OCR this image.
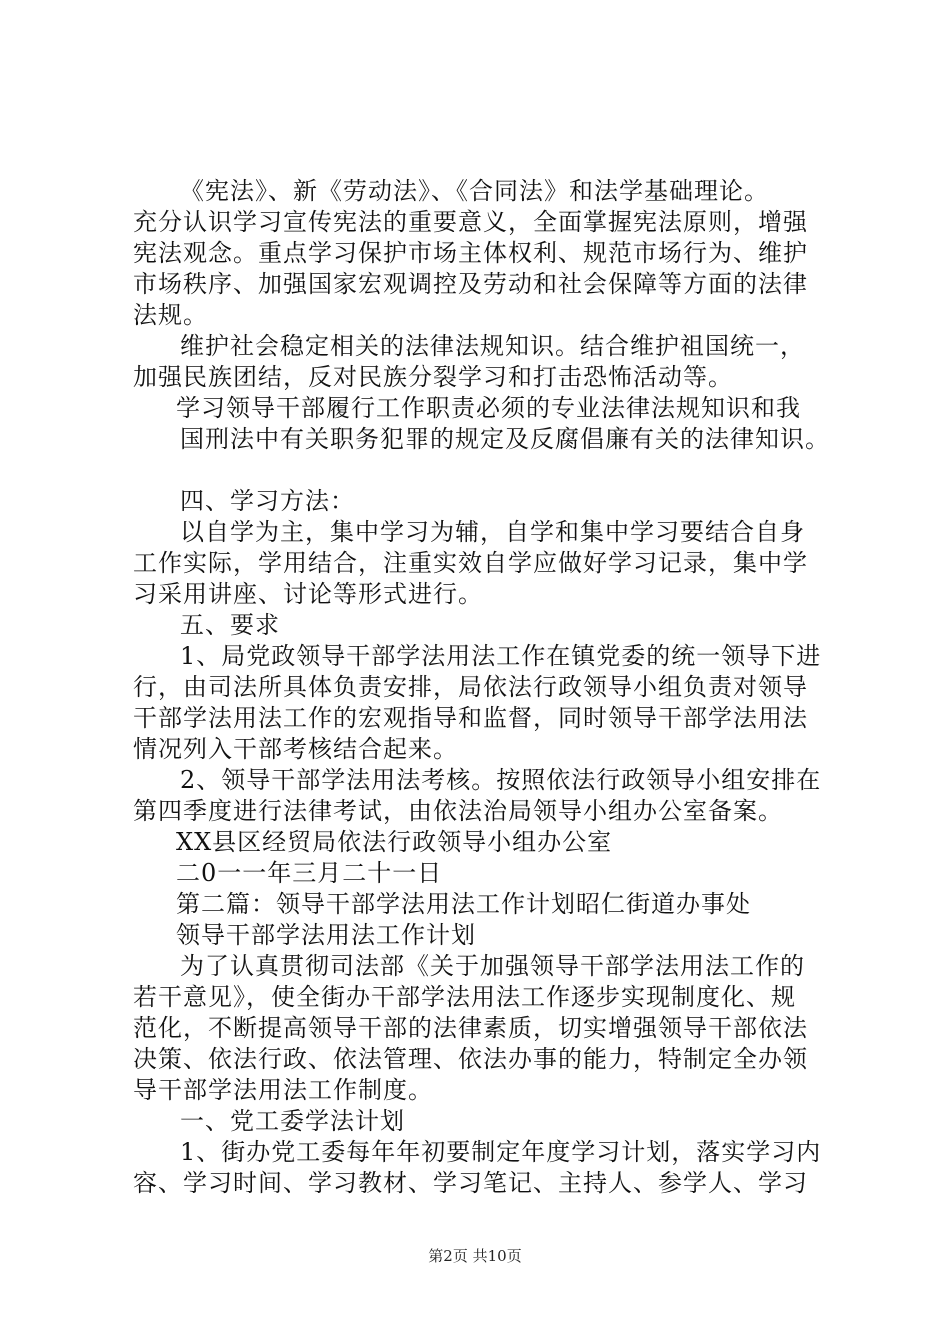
《宪法》、新《劳动法》、《合同法》和法学基础理论。
充分认识学习宣传宪法的重要意义，全面掌握宪法原则，增强
宪法观念。重点学习保护市场主体权利、规范市场行为、维护
市场秩序、加强国家宏观调控及劳动和社会保障等方面的法律
法规。
维护社会稳定相关的法律法规知识。结合维护祖国统一，
加强民族团结，反对民族分裂学习和打击恐怖活动等。
学习领导干部履行工作职责必须的专业法律法规知识和我
国刑法中有关职务犯罪的规定及反腐倡廉有关的法律知识。
四、学习方法：
以自学为主，集中学习为辅，自学和集中学习要结合自身
工作实际，学用结合，注重实效自学应做好学习记录，集中学
习采用讲座、讨论等形式进行。
五、要求
1、局党政领导干部学法用法工作在镇党委的统一领导下进
行，由司法所具体负责安排，局依法行政领导小组负责对领导
干部学法用法工作的宏观指导和监督，同时领导干部学法用法
情况列入干部考核结合起来。
2、领导干部学法用法考核。按照依法行政领导小组安排在
第四季度进行法律考试，由依法治局领导小组办公室备案。
XX县区经贸局依法行政领导小组办公室
二0一一年三月二十一日
第二篇：领导干部学法用法工作计划昭仁街道办事处
领导干部学法用法工作计划
为了认真贯彻司法部《关于加强领导干部学法用法工作的
若干意见》，使全街办干部学法用法工作逐步实现制度化、规
范化，不断提高领导干部的法律素质，切实增强领导干部依法
决策、依法行政、依法管理、依法办事的能力，特制定全办领
导干部学法用法工作制度。
一、党工委学法计划
1、街办党工委每年年初要制定年度学习计划，落实学习内
容、学习时间、学习教材、学习笔记、主持人、参学人、学习
第2页 共10页
